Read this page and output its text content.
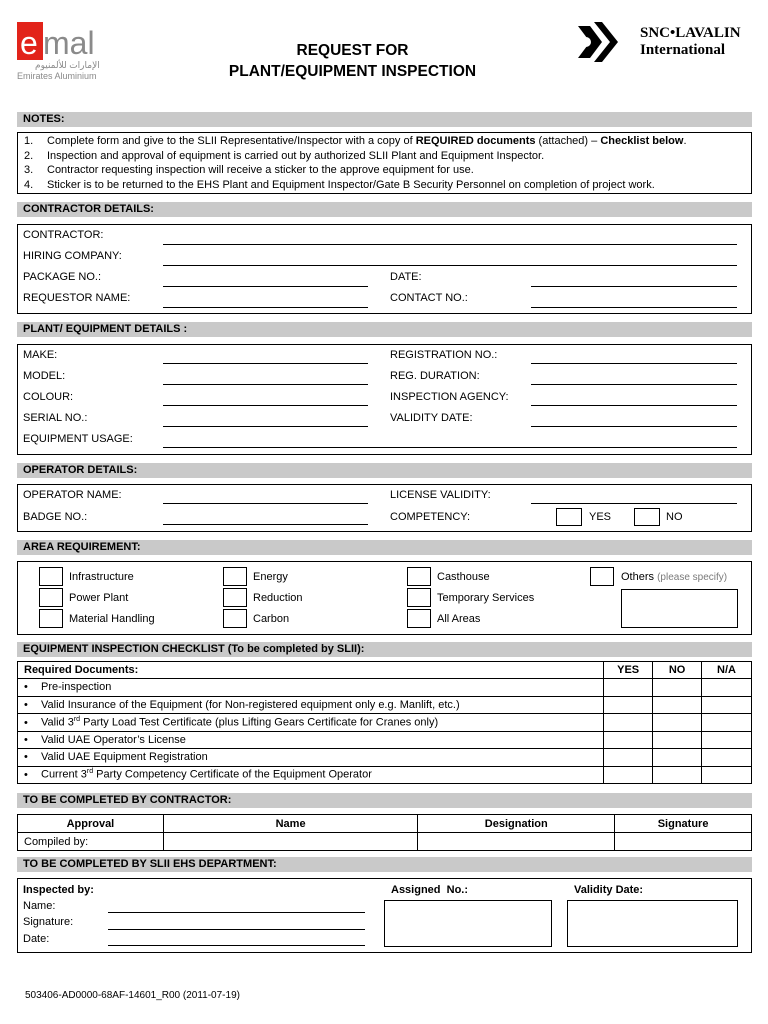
e mal
الإمارات للألمنيوم
Emirates Aluminium
REQUEST FOR
PLANT/EQUIPMENT INSPECTION
SNC•LAVALIN
International
NOTES:
1. Complete form and give to the SLII Representative/Inspector with a copy of REQUIRED documents (attached) – Checklist below.
2. Inspection and approval of equipment is carried out by authorized SLII Plant and Equipment Inspector.
3. Contractor requesting inspection will receive a sticker to the approve equipment for use.
4. Sticker is to be returned to the EHS Plant and Equipment Inspector/Gate B Security Personnel on completion of project work.
CONTRACTOR DETAILS:
CONTRACTOR:
HIRING COMPANY:
PACKAGE NO.:	DATE:
REQUESTOR NAME:	CONTACT NO.:
PLANT/ EQUIPMENT DETAILS :
MAKE:	REGISTRATION NO.:
MODEL:	REG. DURATION:
COLOUR:	INSPECTION AGENCY:
SERIAL NO.:	VALIDITY DATE:
EQUIPMENT USAGE:
OPERATOR DETAILS:
OPERATOR NAME:	LICENSE VALIDITY:
BADGE NO.:	COMPETENCY:	YES	NO
AREA REQUIREMENT:
Infrastructure
Power Plant
Material Handling
Energy
Reduction
Carbon
Casthouse
Temporary Services
All Areas
Others (please specify)
EQUIPMENT INSPECTION CHECKLIST (To be completed by SLII):
Required Documents:	YES	NO	N/A
• Pre-inspection			
• Valid Insurance of the Equipment (for Non-registered equipment only e.g. Manlift, etc.)			
• Valid 3rd Party Load Test Certificate (plus Lifting Gears Certificate for Cranes only)			
• Valid UAE Operator’s License			
• Valid UAE Equipment Registration			
• Current 3rd Party Competency Certificate of the Equipment Operator			
TO BE COMPLETED BY CONTRACTOR:
Approval	Name	Designation	Signature
Compiled by:			
TO BE COMPLETED BY SLII EHS DEPARTMENT:
Inspected by:
Name:
Signature:
Date:
Assigned  No.:	Validity Date:
503406-AD0000-68AF-14601_R00 (2011-07-19)
